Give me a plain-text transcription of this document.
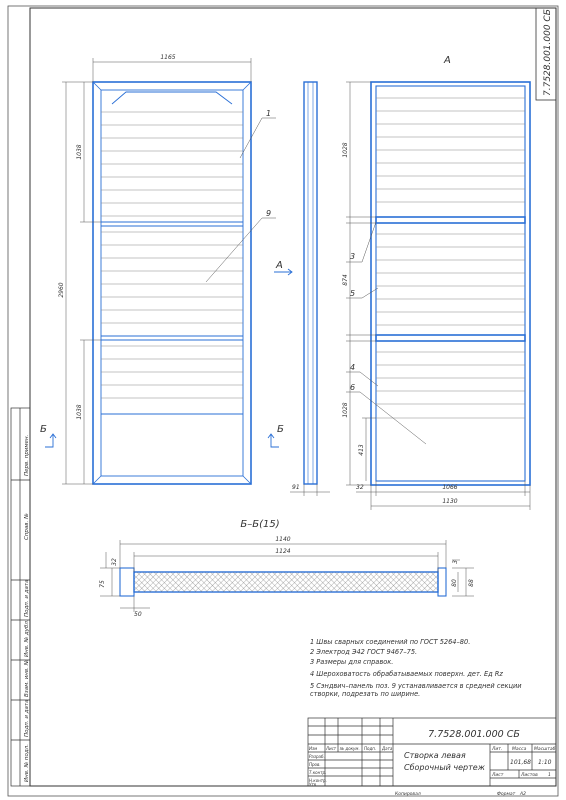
7.7528.001.000 СБ
Перв. примен.
Справ. №
Подп. и дата
Инв. № дубл.
Взам. инв. №
Подп. и дата
Инв. № подл.
1165
2960
1038
1038
1
9
Б	Б
А
91
А
1028
874
1028
413
32	1066
1130
3
5
4
6
Б–Б(15)
1140
1124
32
75
50
3
80 88
7.7528.001.000 СБ
Створка левая
Сборочный чертеж
Лит. Масса Масштаб
101,68 1:10
Лист	Листов 1
Изм Лист № докум. Подп. Дата
Разраб.
Пров.
Т.контр.
Н.контр.
Утв.
Копировал	Формат А2
1 Швы сварных соединений по ГОСТ 5264–80.
2 Электрод Э42 ГОСТ 9467–75.
3 Размеры для справок.
4 Шероховатость обрабатываемых поверхн. дет. Ед Rz
5 Сэндвич–панель поз. 9 устанавливается в средней секции створки, подрезать по ширине.
